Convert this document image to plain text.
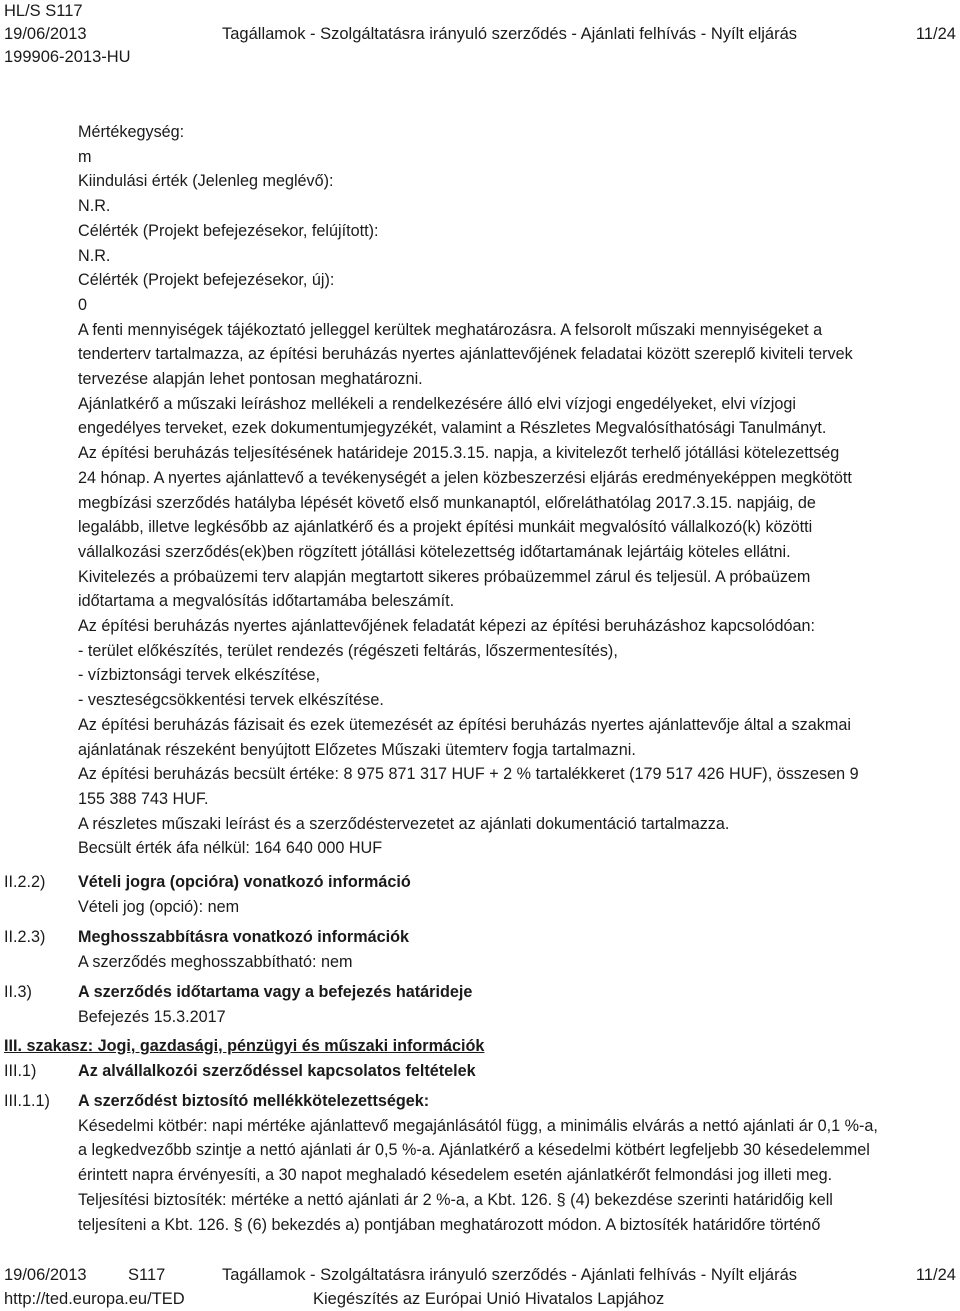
HL/S S117
19/06/2013
199906-2013-HU
Tagállamok - Szolgáltatásra irányuló szerződés - Ajánlati felhívás - Nyílt eljárás	11/24

Mértékegység:

m

Kiindulási érték (Jelenleg meglévő):

N.R.

Célérték (Projekt befejezésekor, felújított):

N.R.

Célérték (Projekt befejezésekor, új):

0

A fenti mennyiségek tájékoztató jelleggel kerültek meghatározásra. A felsorolt műszaki mennyiségeket a

tenderterv tartalmazza, az építési beruházás nyertes ajánlattevőjének feladatai között szereplő kiviteli tervek

tervezése alapján lehet pontosan meghatározni.

Ajánlatkérő a műszaki leíráshoz mellékeli a rendelkezésére álló elvi vízjogi engedélyeket, elvi vízjogi

engedélyes terveket, ezek dokumentumjegyzékét, valamint a Részletes Megvalósíthatósági Tanulmányt.

Az építési beruházás teljesítésének határideje 2015.3.15. napja, a kivitelezőt terhelő jótállási kötelezettség

24 hónap. A nyertes ajánlattevő a tevékenységét a jelen közbeszerzési eljárás eredményeképpen megkötött

megbízási szerződés hatályba lépését követő első munkanaptól, előreláthatólag 2017.3.15. napjáig, de

legalább, illetve legkésőbb az ajánlatkérő és a projekt építési munkáit megvalósító vállalkozó(k) közötti

vállalkozási szerződés(ek)ben rögzített jótállási kötelezettség időtartamának lejártáig köteles ellátni.

Kivitelezés a próbaüzemi terv alapján megtartott sikeres próbaüzemmel zárul és teljesül. A próbaüzem

időtartama a megvalósítás időtartamába beleszámít.

Az építési beruházás nyertes ajánlattevőjének feladatát képezi az építési beruházáshoz kapcsolódóan:

- terület előkészítés, terület rendezés (régészeti feltárás, lőszermentesítés),

- vízbiztonsági tervek elkészítése,

- veszteségcsökkentési tervek elkészítése.

Az építési beruházás fázisait és ezek ütemezését az építési beruházás nyertes ajánlattevője által a szakmai

ajánlatának részeként benyújtott Előzetes Műszaki ütemterv fogja tartalmazni.

Az építési beruházás becsült értéke: 8 975 871 317 HUF + 2 % tartalékkeret (179 517 426 HUF), összesen 9

155 388 743 HUF.

A részletes műszaki leírást és a szerződéstervezetet az ajánlati dokumentáció tartalmazza.

Becsült érték áfa nélkül: 164 640 000 HUF

II.2.2) Vételi jogra (opcióra) vonatkozó információ
Vételi jog (opció): nem
II.2.3) Meghosszabbításra vonatkozó információk
A szerződés meghosszabbítható: nem
II.3)	A szerződés időtartama vagy a befejezés határideje
Befejezés 15.3.2017
III. szakasz: Jogi, gazdasági, pénzügyi és műszaki információk
III.1)	Az alvállalkozói szerződéssel kapcsolatos feltételek
III.1.1) A szerződést biztosító mellékkötelezettségek:
Késedelmi kötbér: napi mértéke ajánlattevő megajánlásától függ, a minimális elvárás a nettó ajánlati ár 0,1 %-a,
a legkedvezőbb szintje a nettó ajánlati ár 0,5 %-a. Ajánlatkérő a késedelmi kötbért legfeljebb 30 késedelemmel
érintett napra érvényesíti, a 30 napot meghaladó késedelem esetén ajánlatkérőt felmondási jog illeti meg.
Teljesítési biztosíték: mértéke a nettó ajánlati ár 2 %-a, a Kbt. 126. § (4) bekezdése szerinti határidőig kell
teljesíteni a Kbt. 126. § (6) bekezdés a) pontjában meghatározott módon. A biztosíték határidőre történő
19/06/2013	S117	Tagállamok - Szolgáltatásra irányuló szerződés - Ajánlati felhívás - Nyílt eljárás	11/24
http://ted.europa.eu/TED	Kiegészítés az Európai Unió Hivatalos Lapjához
